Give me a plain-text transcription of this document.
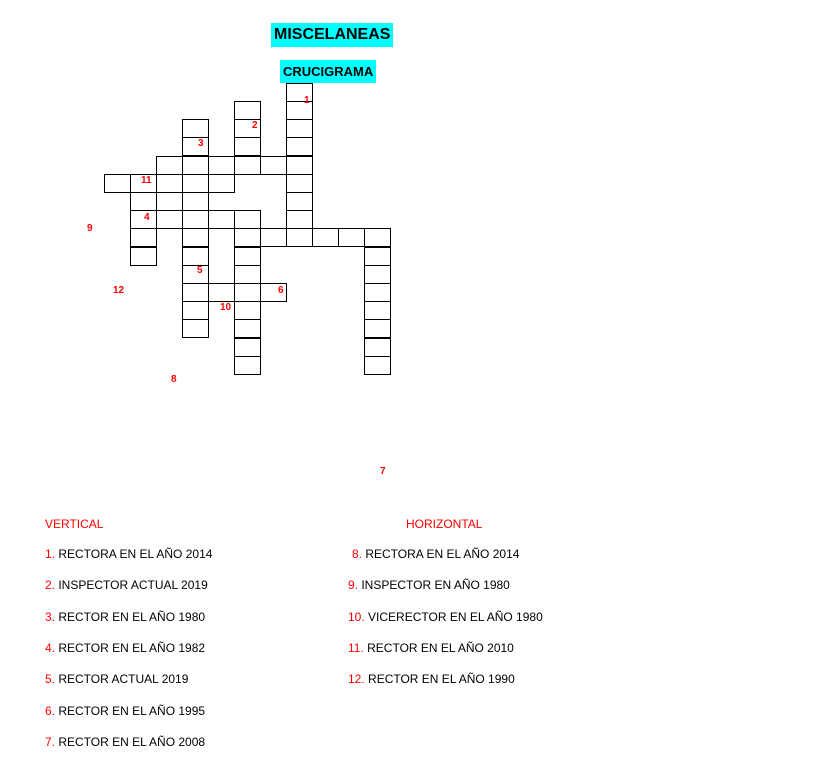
MISCELANEAS
CRUCIGRAMA
1
2
3
11
4
9
5
12	6
10
8
7
VERTICAL	HORIZONTAL
1. RECTORA EN EL AÑO 2014
2. INSPECTOR ACTUAL 2019
3. RECTOR EN EL AÑO 1980
4. RECTOR EN EL AÑO 1982
5. RECTOR ACTUAL 2019
6. RECTOR EN EL AÑO 1995
7. RECTOR EN EL AÑO 2008
8. RECTORA EN EL AÑO 2014
9. INSPECTOR EN AÑO 1980
10. VICERECTOR EN EL AÑO 1980
11. RECTOR EN EL AÑO 2010
12. RECTOR EN EL AÑO 1990
